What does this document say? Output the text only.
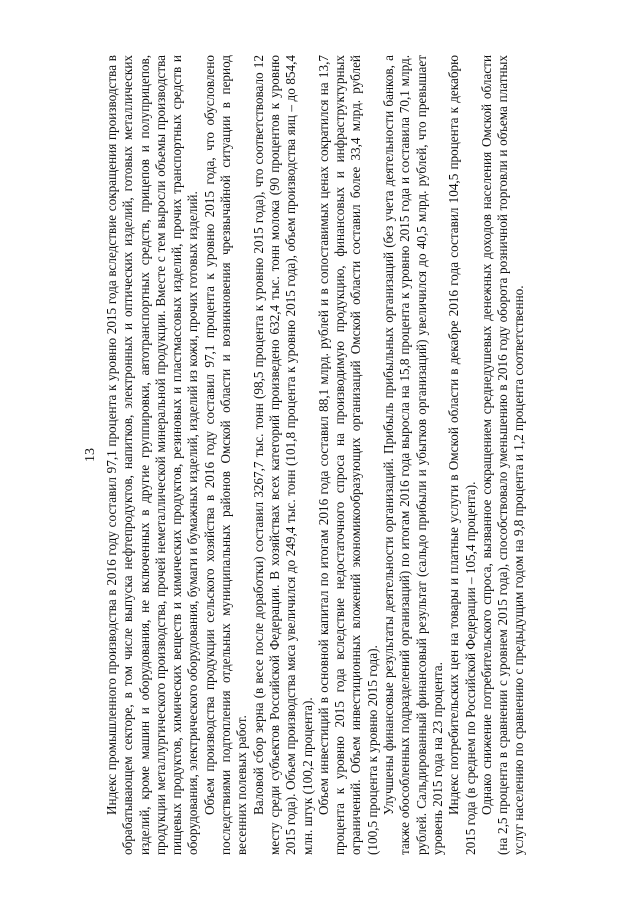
13 Индекс промышленного производства в 2016 году составил 97,1 процента к уровню 2015 года вследствие сокращения производства в обрабатывающем секторе, в том числе выпуска нефтепродуктов, напитков, электронных и оптических изделий, готовых металлических изделий, кроме машин и оборудования, не включенных в другие группировки, автотранспортных средств, прицепов и полуприцепов, продукции металлургического производства, прочей неметаллической минеральной продукции. Вместе с тем выросли объемы производства пищевых продуктов, химических веществ и химических продуктов, резиновых и пластмассовых изделий, прочих транспортных средств и оборудования, электрического оборудования, бумаги и бумажных изделий, изделий из кожи, прочих готовых изделий. Объем производства продукции сельского хозяйства в 2016 году составил 97,1 процента к уровню 2015 года, что обусловлено последствиями подтопления отдельных муниципальных районов Омской области и возникновения чрезвычайной ситуации в период весенних полевых работ. Валовой сбор зерна (в весе после доработки) составил 3267,7 тыс. тонн (98,5 процента к уровню 2015 года), что соответствовало 12 месту среди субъектов Российской Федерации. В хозяйствах всех категорий произведено 632,4 тыс. тонн молока (90 процентов к уровню 2015 года). Объем производства мяса увеличился до 249,4 тыс. тонн (101,8 процента к уровню 2015 года), объем производства яиц – до 854,4 млн. штук (100,2 процента). Объем инвестиций в основной капитал по итогам 2016 года составил 88,1 млрд. рублей и в сопоставимых ценах сократился на 13,7 процента к уровню 2015 года вследствие недостаточного спроса на производимую продукцию, финансовых и инфраструктурных ограничений. Объем инвестиционных вложений экономикообразующих организаций Омской области составил более 33,4 млрд. рублей (100,5 процента к уровню 2015 года). Улучшены финансовые результаты деятельности организаций. Прибыль прибыльных организаций (без учета деятельности банков, а также обособленных подразделений организаций) по итогам 2016 года выросла на 15,8 процента к уровню 2015 года и составила 70,1 млрд. рублей. Сальдированный финансовый результат (сальдо прибыли и убытков организаций) увеличился до 40,5 млрд. рублей, что превышает уровень 2015 года на 23 процента. Индекс потребительских цен на товары и платные услуги в Омской области в декабре 2016 года составил 104,5 процента к декабрю 2015 года (в среднем по Российской Федерации – 105,4 процента). Однако снижение потребительского спроса, вызванное сокращением среднедушевых денежных доходов населения Омской области (на 2,5 процента в сравнении с уровнем 2015 года), способствовало уменьшению в 2016 году оборота розничной торговли и объема платных услуг населению по сравнению с предыдущим годом на 9,8 процента и 1,2 процента соответственно.
